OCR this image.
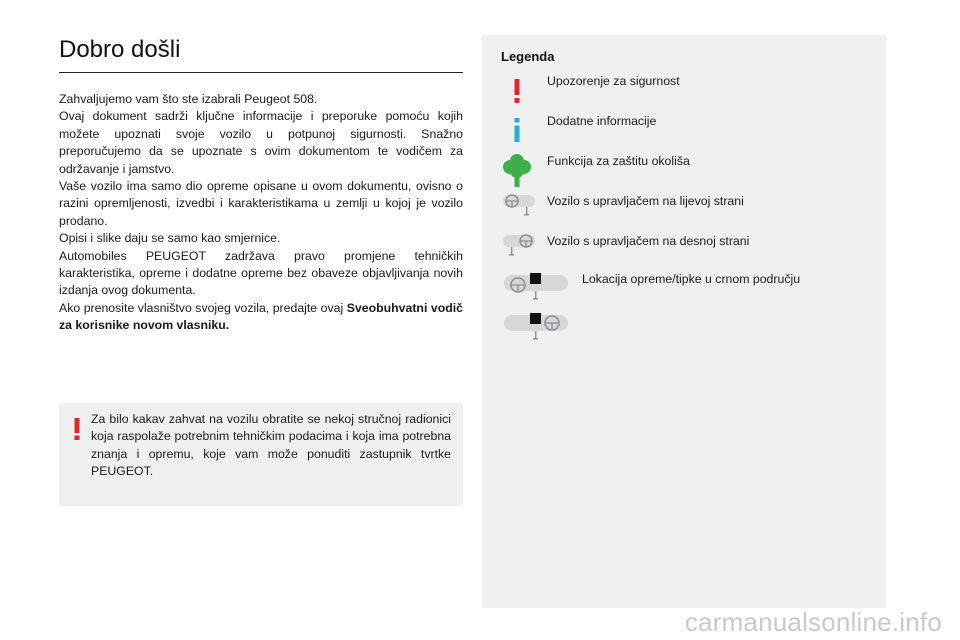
Dobro došli

Zahvaljujemo vam što ste izabrali Peugeot 508.

Ovaj dokument sadrži ključne informacije i preporuke pomoću kojih možete upoznati svoje vozilo u potpunoj sigurnosti. Snažno preporučujemo da se upoznate s ovim dokumentom te vodičem za održavanje i jamstvo.

Vaše vozilo ima samo dio opreme opisane u ovom dokumentu, ovisno o razini opremljenosti, izvedbi i karakteristikama u zemlji u kojoj je vozilo prodano.

Opisi i slike daju se samo kao smjernice.

Automobiles PEUGEOT zadržava pravo promjene tehničkih karakteristika, opreme i dodatne opreme bez obaveze objavljivanja novih izdanja ovog dokumenta.

Ako prenosite vlasništvo svojeg vozila, predajte ovaj Sveobuhvatni vodič za korisnike novom vlasniku.

Za bilo kakav zahvat na vozilu obratite se nekoj stručnoj radionici koja raspolaže potrebnim tehničkim podacima i koja ima potrebna znanja i opremu, koje vam može ponuditi zastupnik tvrtke PEUGEOT.
Legenda
Upozorenje za sigurnost
Dodatne informacije
Funkcija za zaštitu okoliša
Vozilo s upravljačem na lijevoj strani
Vozilo s upravljačem na desnoj strani
Lokacija opreme/tipke u crnom području
carmanualsonline.info
